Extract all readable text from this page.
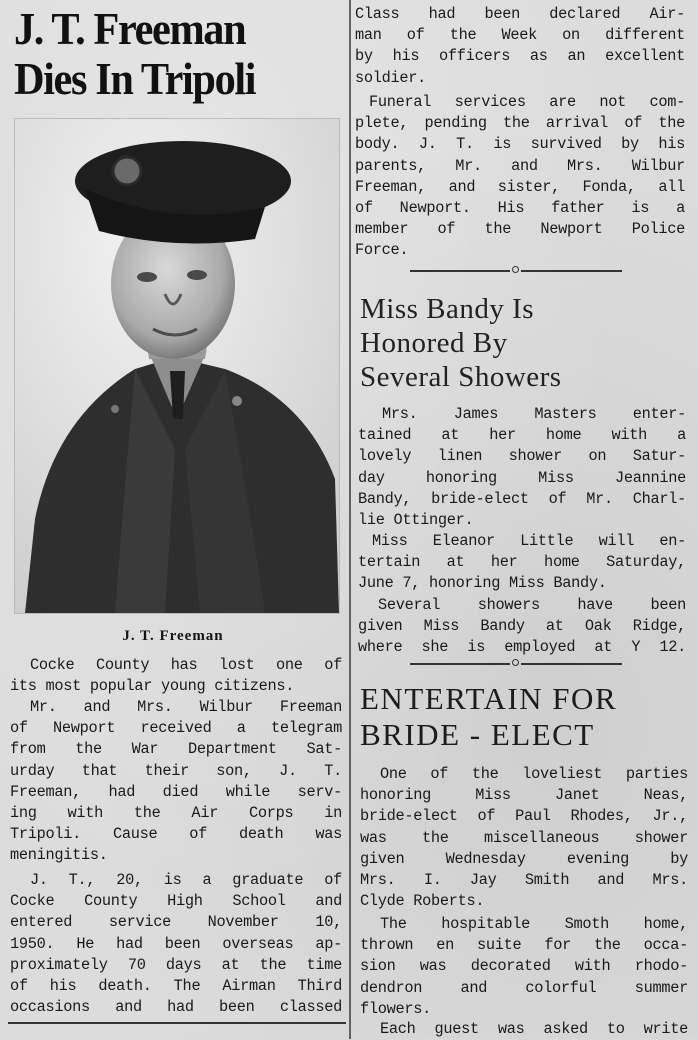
J. T. Freeman
Dies In Tripoli
J. T. Freeman
Cocke County has lost one of
its most popular young citizens.
Mr. and Mrs. Wilbur Freeman
of Newport received a telegram
from the War Department Sat-
urday that their son, J. T.
Freeman, had died while serv-
ing with the Air Corps in
Tripoli. Cause of death was
meningitis.
J. T., 20, is a graduate of
Cocke County High School and
entered service November 10,
1950. He had been overseas ap-
proximately 70 days at the time
of his death. The Airman Third
occasions and had been classed
Class had been declared Air-
man of the Week on different
by his officers as an excellent
soldier.
Funeral services are not com-
plete, pending the arrival of the
body. J. T. is survived by his
parents, Mr. and Mrs. Wilbur
Freeman, and sister, Fonda, all
of Newport. His father is a
member of the Newport Police
Force.
Miss Bandy Is
Honored By
Several Showers
Mrs. James Masters enter-
tained at her home with a
lovely linen shower on Satur-
day honoring Miss Jeannine
Bandy, bride-elect of Mr. Charl-
lie Ottinger.
Miss Eleanor Little will en-
tertain at her home Saturday,
June 7, honoring Miss Bandy.
Several showers have been
given Miss Bandy at Oak Ridge,
where she is employed at Y 12.
ENTERTAIN FOR
BRIDE - ELECT
One of the loveliest parties
honoring Miss Janet Neas,
bride-elect of Paul Rhodes, Jr.,
was the miscellaneous shower
given Wednesday evening by
Mrs. I. Jay Smith and Mrs.
Clyde Roberts.
The hospitable Smoth home,
thrown en suite for the occa-
sion was decorated with rhodo-
dendron and colorful summer
flowers.
Each guest was asked to write
